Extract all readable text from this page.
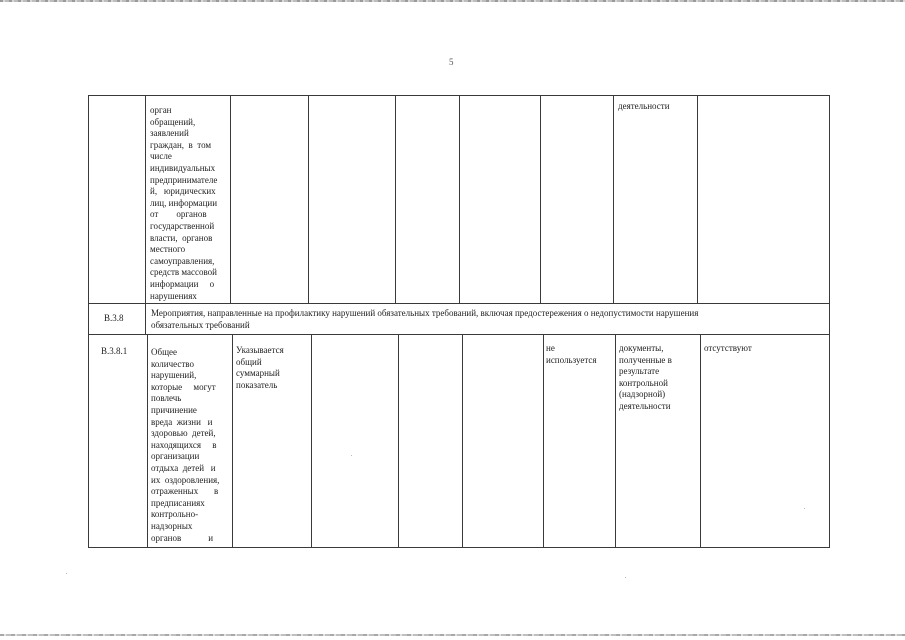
5

орган
обращений,
заявлений
граждан,  в  том
числе
индивидуальных
предпринимателе
й,   юридических
лиц, информации
от        органов
государственной
власти,  органов
местного
самоуправления,
средств массовой
информации     о
нарушениях

деятельности

В.3.8	Мероприятия, направленные на профилактику нарушений обязательных требований, включая предостережения о недопустимости нарушения
обязательных требований

В.3.8.1	Общее
количество
нарушений,
которые     могут
повлечь
причинение
вреда  жизни   и
здоровью  детей,
находящихся     в
организации
отдыха  детей   и
их  оздоровления,
отраженных       в
предписаниях
контрольно-
надзорных
органов            и

Указывается
общий
суммарный
показатель

не
используется

документы,
полученные в
результате
контрольной
(надзорной)
деятельности

отсутствуют
